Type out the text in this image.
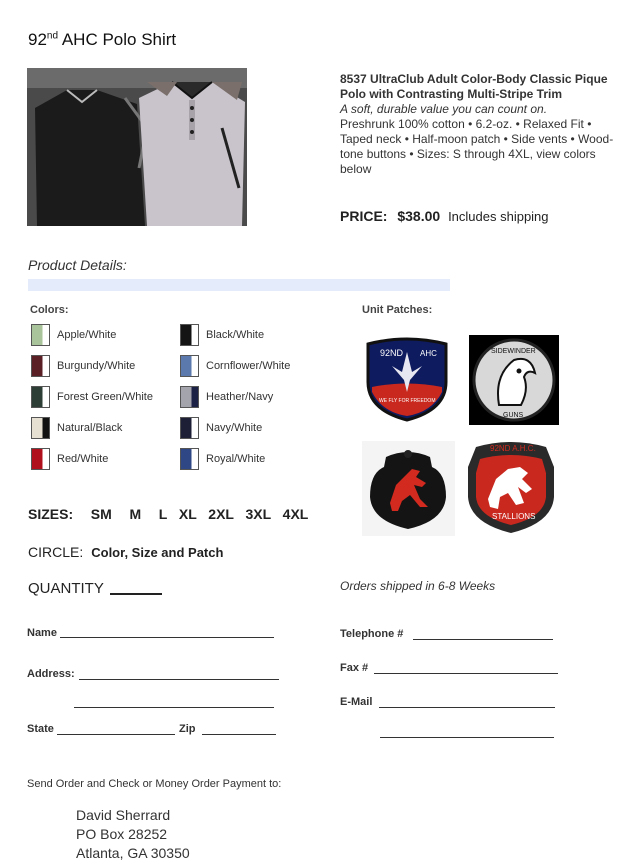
92nd AHC Polo Shirt
8537 UltraClub Adult Color-Body Classic Pique Polo with Contrasting Multi-Stripe Trim
A soft, durable value you can count on.
Preshrunk 100% cotton • 6.2-oz. • Relaxed Fit • Taped neck • Half-moon patch • Side vents • Wood-tone buttons • Sizes: S through 4XL, view colors below
PRICE: $38.00 Includes shipping
Product Details:
Colors:	Unit Patches:
Apple/White
Burgundy/White
Forest Green/White
Natural/Black
Red/White
Black/White
Cornflower/White
Heather/Navy
Navy/White
Royal/White
92ND AHC
WE FLY FOR FREEDOM
SIDEWINDER
GUNS
92ND A.H.C.
STALLIONS
SIZES:   SM   M   L  XL  2XL  3XL  4XL
CIRCLE: Color, Size and Patch
QUANTITY	Orders shipped in 6-8 Weeks
Name
Address:
State	Zip
Telephone #
Fax #
E-Mail
Send Order and Check or Money Order Payment to:
David Sherrard
PO Box 28252
Atlanta, GA 30350
